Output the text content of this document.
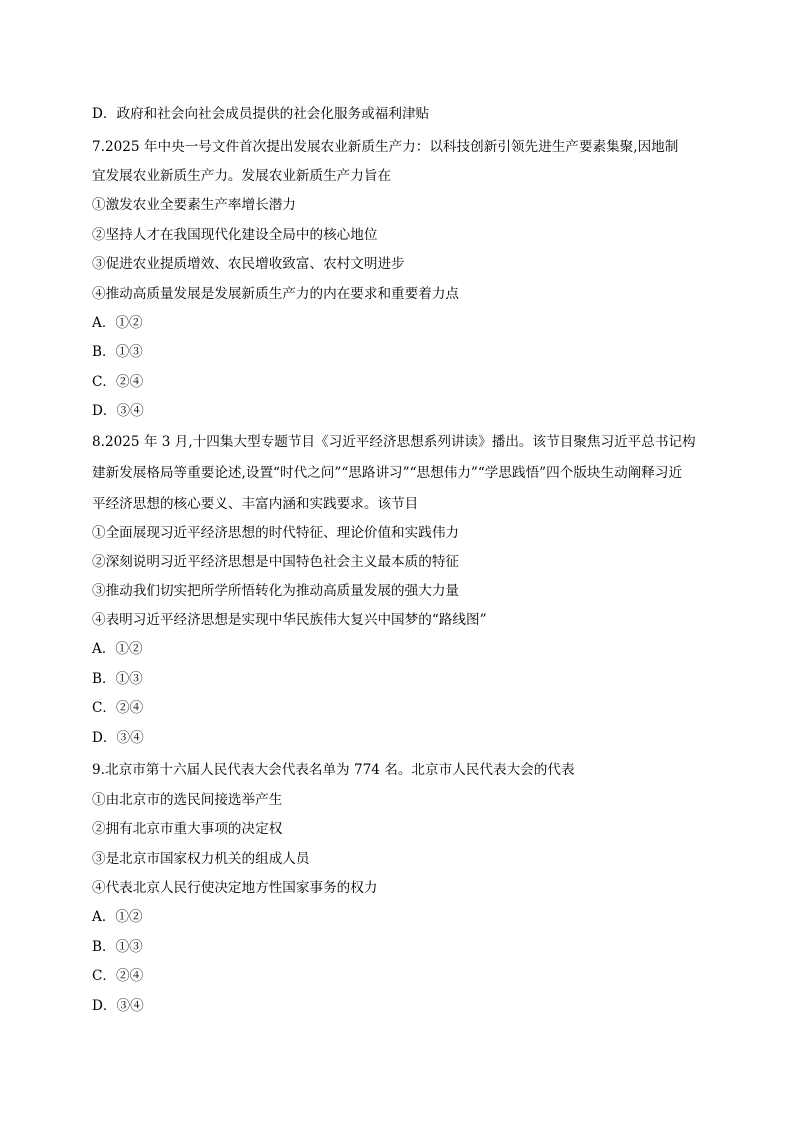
D．政府和社会向社会成员提供的社会化服务或福利津贴
7.2025 年中央一号文件首次提出发展农业新质生产力：以科技创新引领先进生产要素集聚,因地制
宜发展农业新质生产力。发展农业新质生产力旨在
①激发农业全要素生产率增长潜力
②坚持人才在我国现代化建设全局中的核心地位
③促进农业提质增效、农民增收致富、农村文明进步
④推动高质量发展是发展新质生产力的内在要求和重要着力点
A．①②
B．①③
C．②④
D．③④
8.2025 年 3 月,十四集大型专题节目《习近平经济思想系列讲读》播出。该节目聚焦习近平总书记构
建新发展格局等重要论述,设置“时代之问”“思路讲习”“思想伟力”“学思践悟”四个版块生动阐释习近
平经济思想的核心要义、丰富内涵和实践要求。该节目
①全面展现习近平经济思想的时代特征、理论价值和实践伟力
②深刻说明习近平经济思想是中国特色社会主义最本质的特征
③推动我们切实把所学所悟转化为推动高质量发展的强大力量
④表明习近平经济思想是实现中华民族伟大复兴中国梦的“路线图”
A．①②
B．①③
C．②④
D．③④
9.北京市第十六届人民代表大会代表名单为 774 名。北京市人民代表大会的代表
①由北京市的选民间接选举产生
②拥有北京市重大事项的决定权
③是北京市国家权力机关的组成人员
④代表北京人民行使决定地方性国家事务的权力
A．①②
B．①③
C．②④
D．③④
